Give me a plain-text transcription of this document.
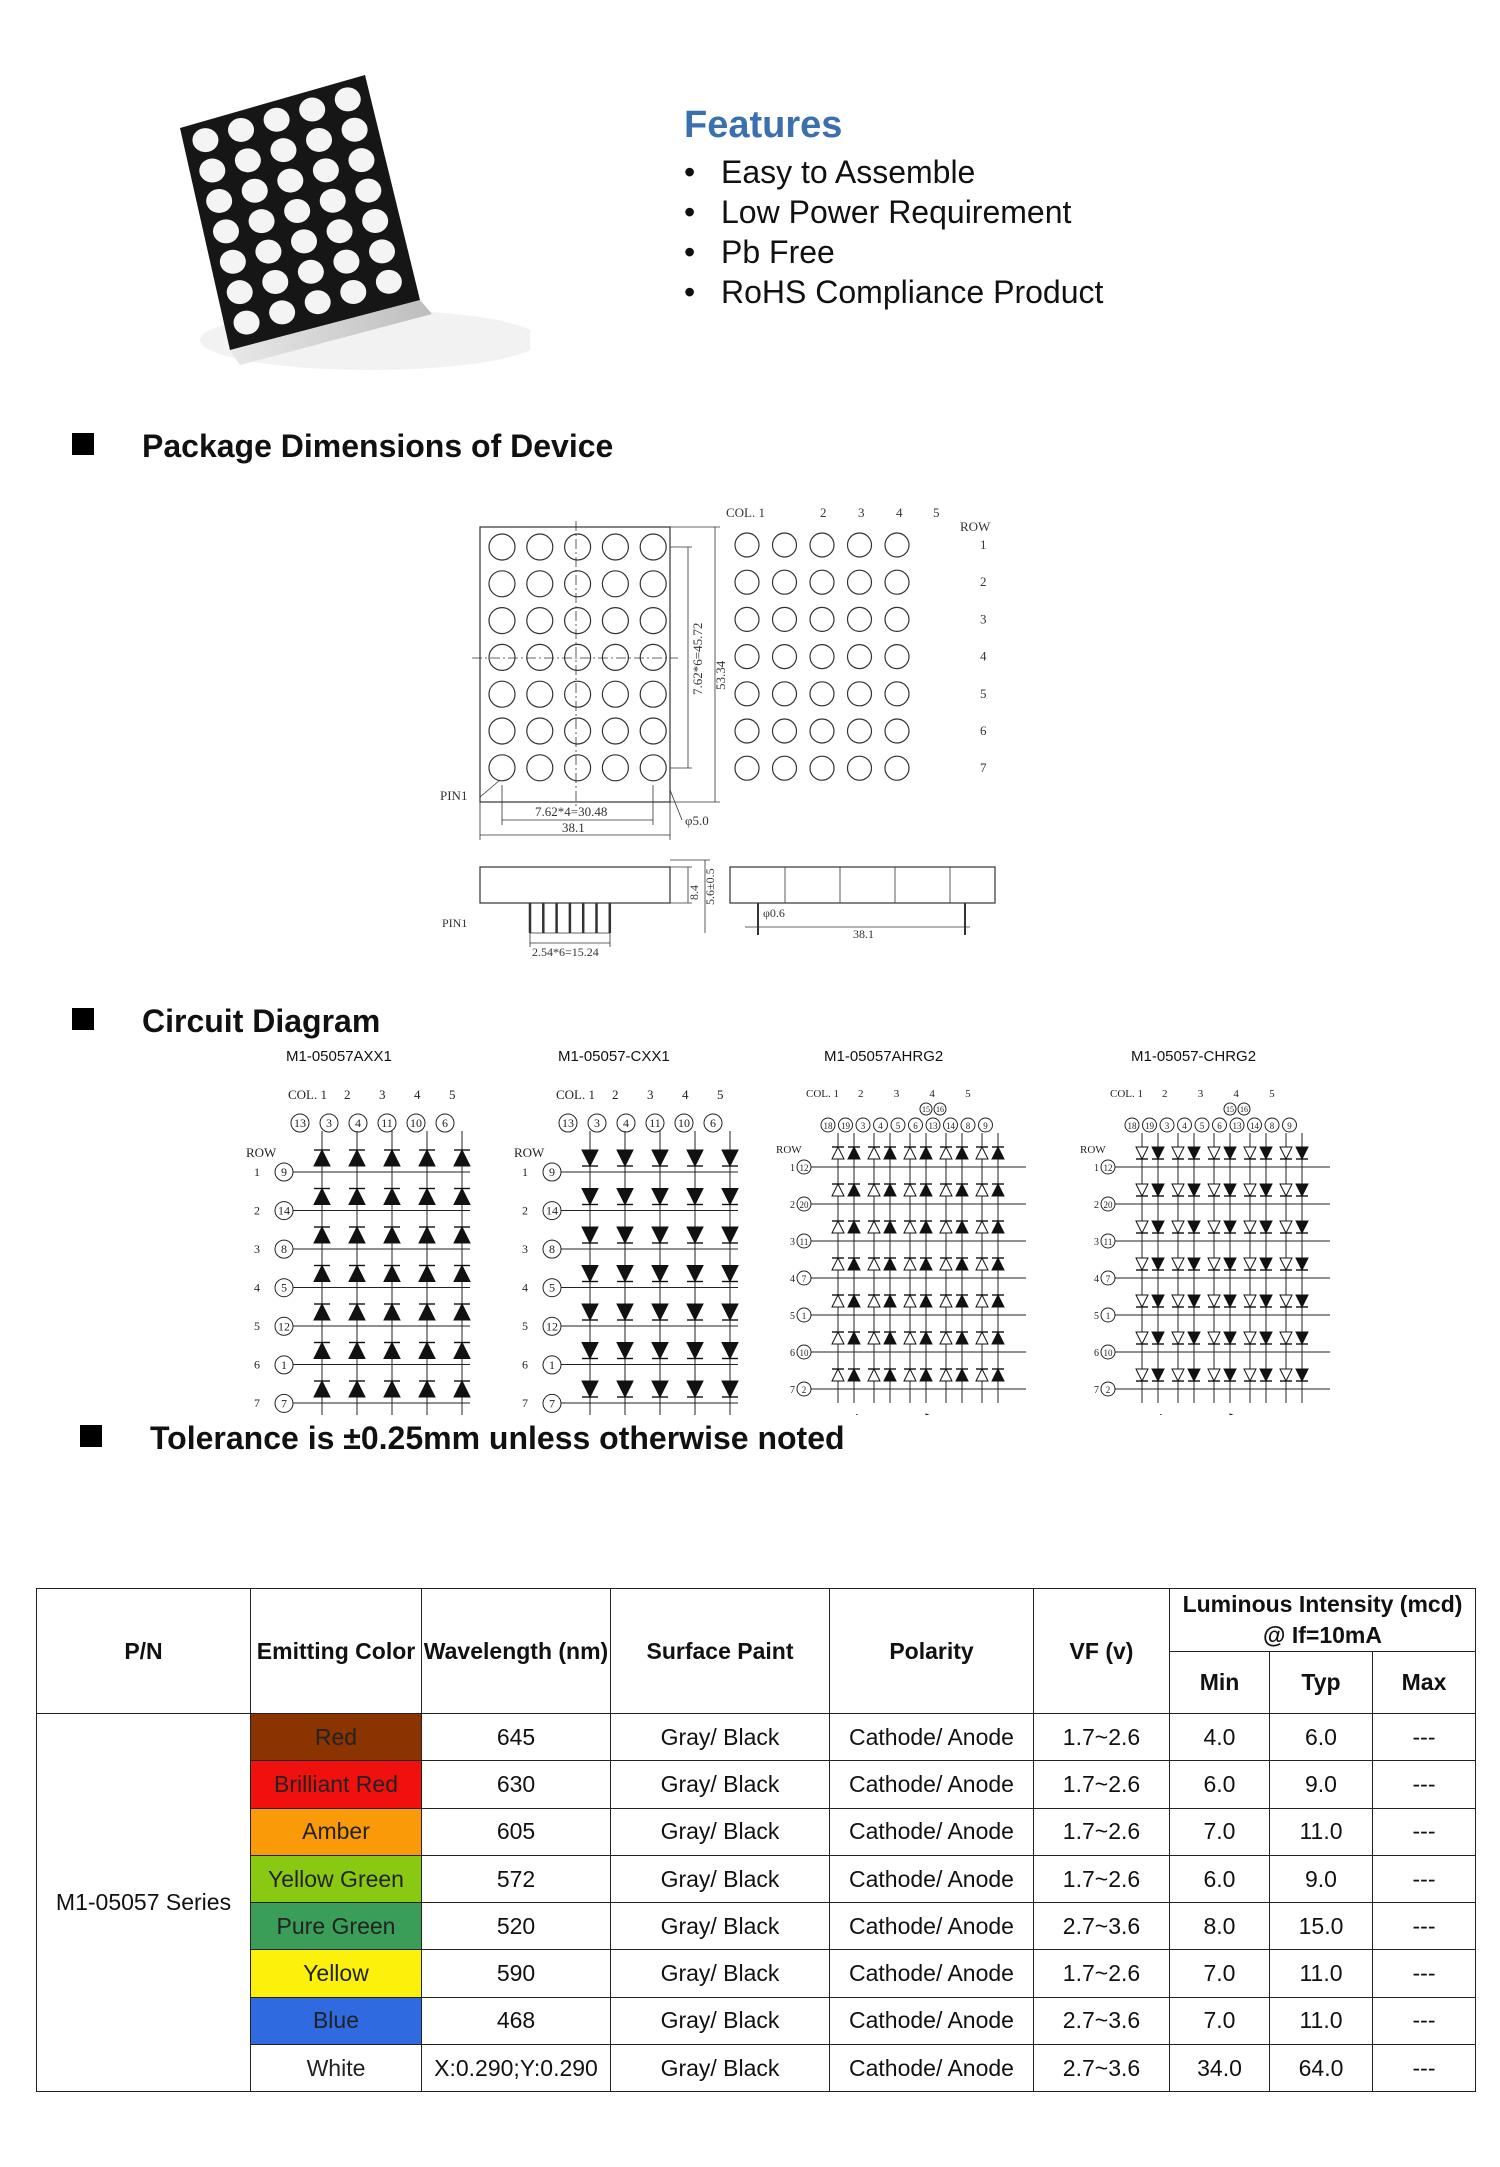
Features
• Easy to Assemble
• Low Power Requirement
• Pb Free
• RoHS Compliance Product
Package Dimensions of Device
7.62*6=45.72 53.34
7.62*4=30.48
38.1
PIN1
φ5.0
COL. 1	2 3 4 5
ROW
1
2
3
4
5
6
7
8.4 5.6±0.5
PIN1
2.54*6=15.24
φ0.6
38.1
Circuit Diagram
M1-05057AXX1	M1-05057-CXX1	M1-05057AHRG2	M1-05057-CHRG2
COL. 1 2 3 4 5
ROW
13 3 4 11 10 6
9
14
8
5
12
1
7
1
2
3
4
5
6
7
COL. 1 2 3 4 5
ROW
13 3 4 11 10 6
9
14
8
5
12
1
7
1
2
3
4
5
6
7
COL. 1 2	3	4	5
ROW
18 19 3 4 5 6 13 14 8 9
15 16
12
20
11
7
1
10
2
1
2
3
4
5
6
7
COL. 1 2	3	4	5
ROW
18 19 3 4 5 6 13 14 8 9
15 16
12
20
11
7
1
10
2
1
2
3
4
5
6
7
Tolerance is ±0.25mm unless otherwise noted
P/N	Emitting Color	Wavelength (nm)	Surface Paint	Polarity	VF (v)	Luminous Intensity (mcd) @ If=10mA		
						Min	Typ	Max
M1-05057 Series	Red	645	Gray/ Black	Cathode/ Anode	1.7~2.6	4.0	6.0	---
	Brilliant Red	630	Gray/ Black	Cathode/ Anode	1.7~2.6	6.0	9.0	---
	Amber	605	Gray/ Black	Cathode/ Anode	1.7~2.6	7.0	11.0	---
	Yellow Green	572	Gray/ Black	Cathode/ Anode	1.7~2.6	6.0	9.0	---
	Pure Green	520	Gray/ Black	Cathode/ Anode	2.7~3.6	8.0	15.0	---
	Yellow	590	Gray/ Black	Cathode/ Anode	1.7~2.6	7.0	11.0	---
	Blue	468	Gray/ Black	Cathode/ Anode	2.7~3.6	7.0	11.0	---
	White	X:0.290;Y:0.290	Gray/ Black	Cathode/ Anode	2.7~3.6	34.0	64.0	---
